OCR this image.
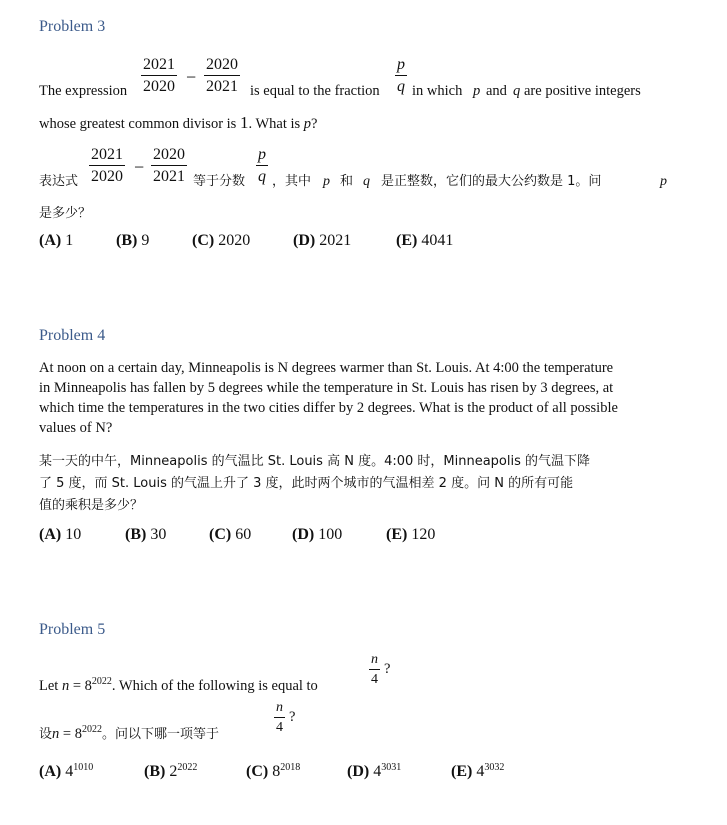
Problem 3
$\frac{2021}{2020} - \frac{2020}{2021}$	$\frac{p}{q}$
The expression	is equal to the fraction in which p and q are positive integers
whose greatest common divisor is 1. What is p?
$\frac{2021}{2020} - \frac{2020}{2021}$	$\frac{p}{q}$
表达式	等于分数 ，其中 p 和 q 是正整数，它们的最大公约数是 1。问	p
是多少？
(A) 1	(B) 9	(C) 2020	(D) 2021	(E) 4041
Problem 4
At noon on a certain day, Minneapolis is N degrees warmer than St. Louis. At 4:00 the temperature
in Minneapolis has fallen by 5 degrees while the temperature in St. Louis has risen by 3 degrees, at
which time the temperatures in the two cities differ by 2 degrees. What is the product of all possible
values of N?
某一天的中午，Minneapolis 的气温比 St. Louis 高 N 度。4:00 时，Minneapolis 的气温下降
了 5 度，而 St. Louis 的气温上升了 3 度，此时两个城市的气温相差 2 度。问 N 的所有可能
值的乘积是多少？
(A) 10	(B) 30	(C) 60	(D) 100	(E) 120
Problem 5
Let $n = 8^{2022}$. Which of the following is equal to	$\frac{n}{4}$ ?
设$n = 8^{2022}$。问以下哪一项等于	$\frac{n}{4}$ ?
(A) $4^{1010}$	(B) $2^{2022}$	(C) $8^{2018}$	(D) $4^{3031}$	(E) $4^{3032}$
